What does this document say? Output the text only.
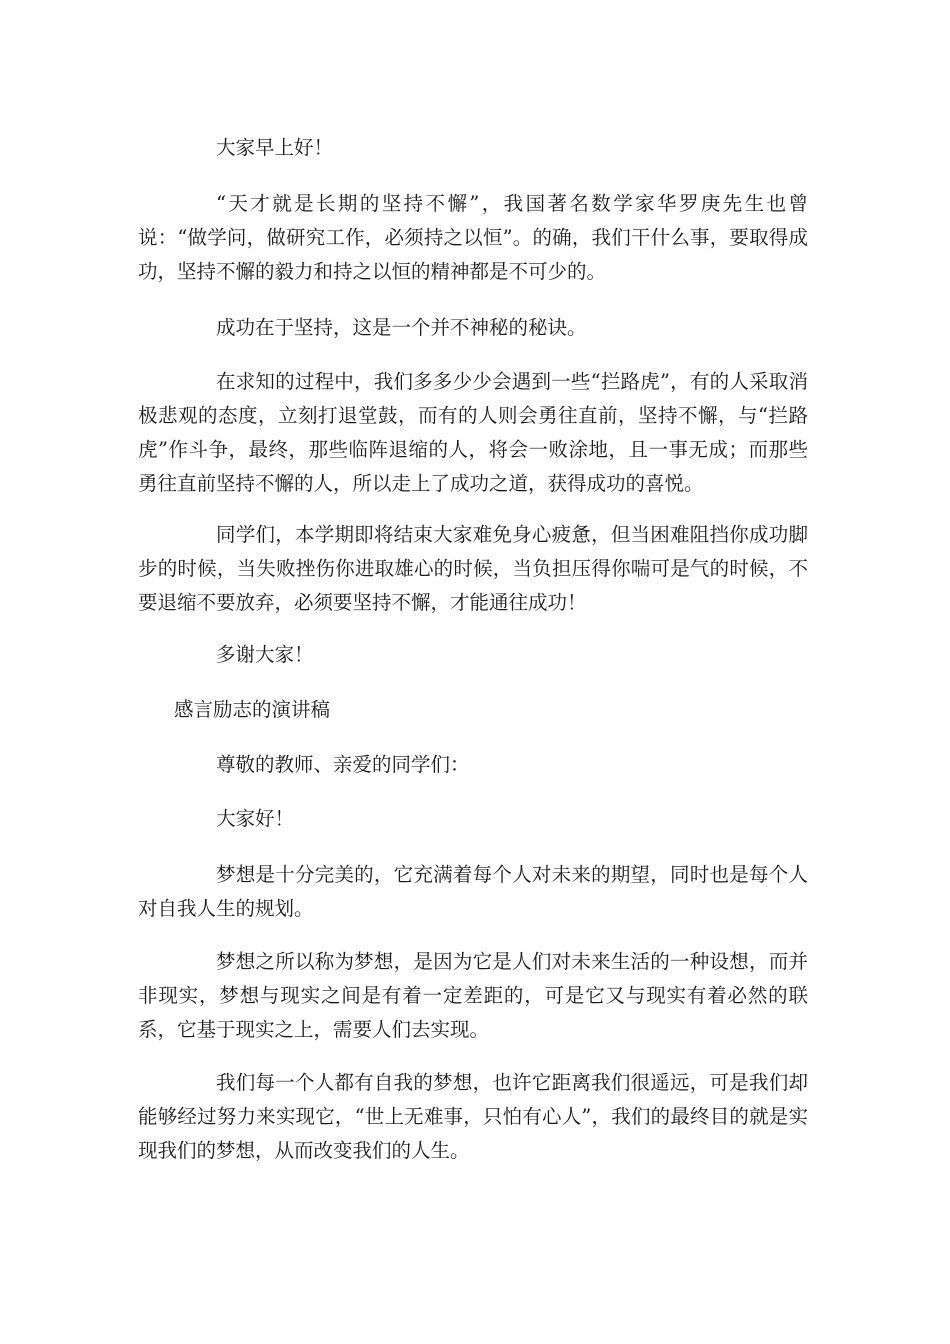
大家早上好！

“天才就是长期的坚持不懈”，我国著名数学家华罗庚先生也曾说：“做学问，做研究工作，必须持之以恒”。的确，我们干什么事，要取得成功，坚持不懈的毅力和持之以恒的精神都是不可少的。

成功在于坚持，这是一个并不神秘的秘诀。

在求知的过程中，我们多多少少会遇到一些“拦路虎”，有的人采取消极悲观的态度，立刻打退堂鼓，而有的人则会勇往直前，坚持不懈，与“拦路虎”作斗争，最终，那些临阵退缩的人，将会一败涂地，且一事无成；而那些勇往直前坚持不懈的人，所以走上了成功之道，获得成功的喜悦。

同学们，本学期即将结束大家难免身心疲惫，但当困难阻挡你成功脚步的时候，当失败挫伤你进取雄心的时候，当负担压得你喘可是气的时候，不要退缩不要放弃，必须要坚持不懈，才能通往成功！

多谢大家！

感言励志的演讲稿

尊敬的教师、亲爱的同学们：

大家好！

梦想是十分完美的，它充满着每个人对未来的期望，同时也是每个人对自我人生的规划。

梦想之所以称为梦想，是因为它是人们对未来生活的一种设想，而并非现实，梦想与现实之间是有着一定差距的，可是它又与现实有着必然的联系，它基于现实之上，需要人们去实现。

我们每一个人都有自我的梦想，也许它距离我们很遥远，可是我们却能够经过努力来实现它，“世上无难事，只怕有心人”，我们的最终目的就是实现我们的梦想，从而改变我们的人生。
